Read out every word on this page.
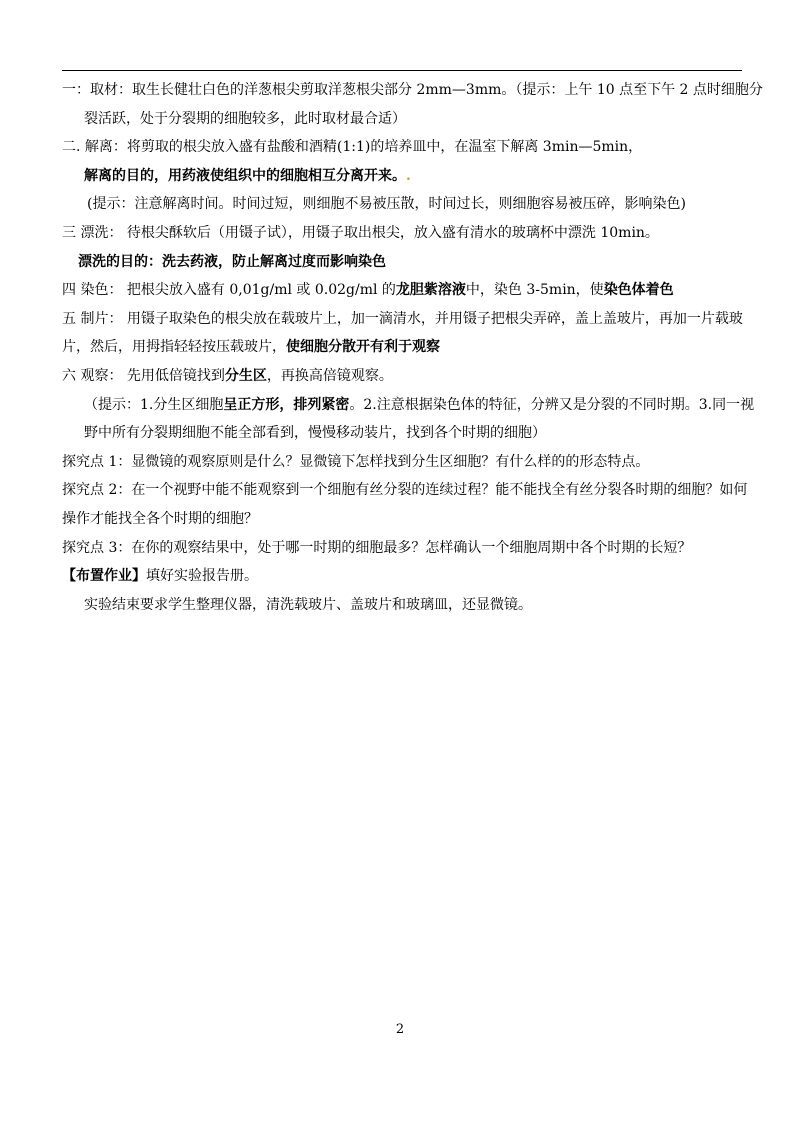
一：取材：取生长健壮白色的洋葱根尖剪取洋葱根尖部分 2mm—3mm。（提示：上午 10 点至下午 2 点时细胞分
裂活跃，处于分裂期的细胞较多，此时取材最合适）
二. 解离：将剪取的根尖放入盛有盐酸和酒精(1:1)的培养皿中，在温室下解离 3min—5min，
解离的目的，用药液使组织中的细胞相互分离开来。.
(提示：注意解离时间。时间过短，则细胞不易被压散，时间过长，则细胞容易被压碎，影响染色)
三 漂洗： 待根尖酥软后（用镊子试），用镊子取出根尖，放入盛有清水的玻璃杯中漂洗 10min。
漂洗的目的：洗去药液，防止解离过度而影响染色
四 染色： 把根尖放入盛有 0,01g/ml 或 0.02g/ml 的龙胆紫溶液中，染色 3-5min，使染色体着色
五 制片： 用镊子取染色的根尖放在载玻片上，加一滴清水，并用镊子把根尖弄碎，盖上盖玻片，再加一片载玻
片，然后，用拇指轻轻按压载玻片，使细胞分散开有利于观察
六 观察： 先用低倍镜找到分生区，再换高倍镜观察。
（提示：1.分生区细胞呈正方形，排列紧密。2.注意根据染色体的特征，分辨又是分裂的不同时期。3.同一视
野中所有分裂期细胞不能全部看到，慢慢移动装片，找到各个时期的细胞）
探究点 1：显微镜的观察原则是什么？显微镜下怎样找到分生区细胞？有什么样的的形态特点。
探究点 2：在一个视野中能不能观察到一个细胞有丝分裂的连续过程？能不能找全有丝分裂各时期的细胞？如何
操作才能找全各个时期的细胞？
探究点 3：在你的观察结果中，处于哪一时期的细胞最多？怎样确认一个细胞周期中各个时期的长短？
【布置作业】填好实验报告册。
实验结束要求学生整理仪器，清洗载玻片、盖玻片和玻璃皿，还显微镜。
2
